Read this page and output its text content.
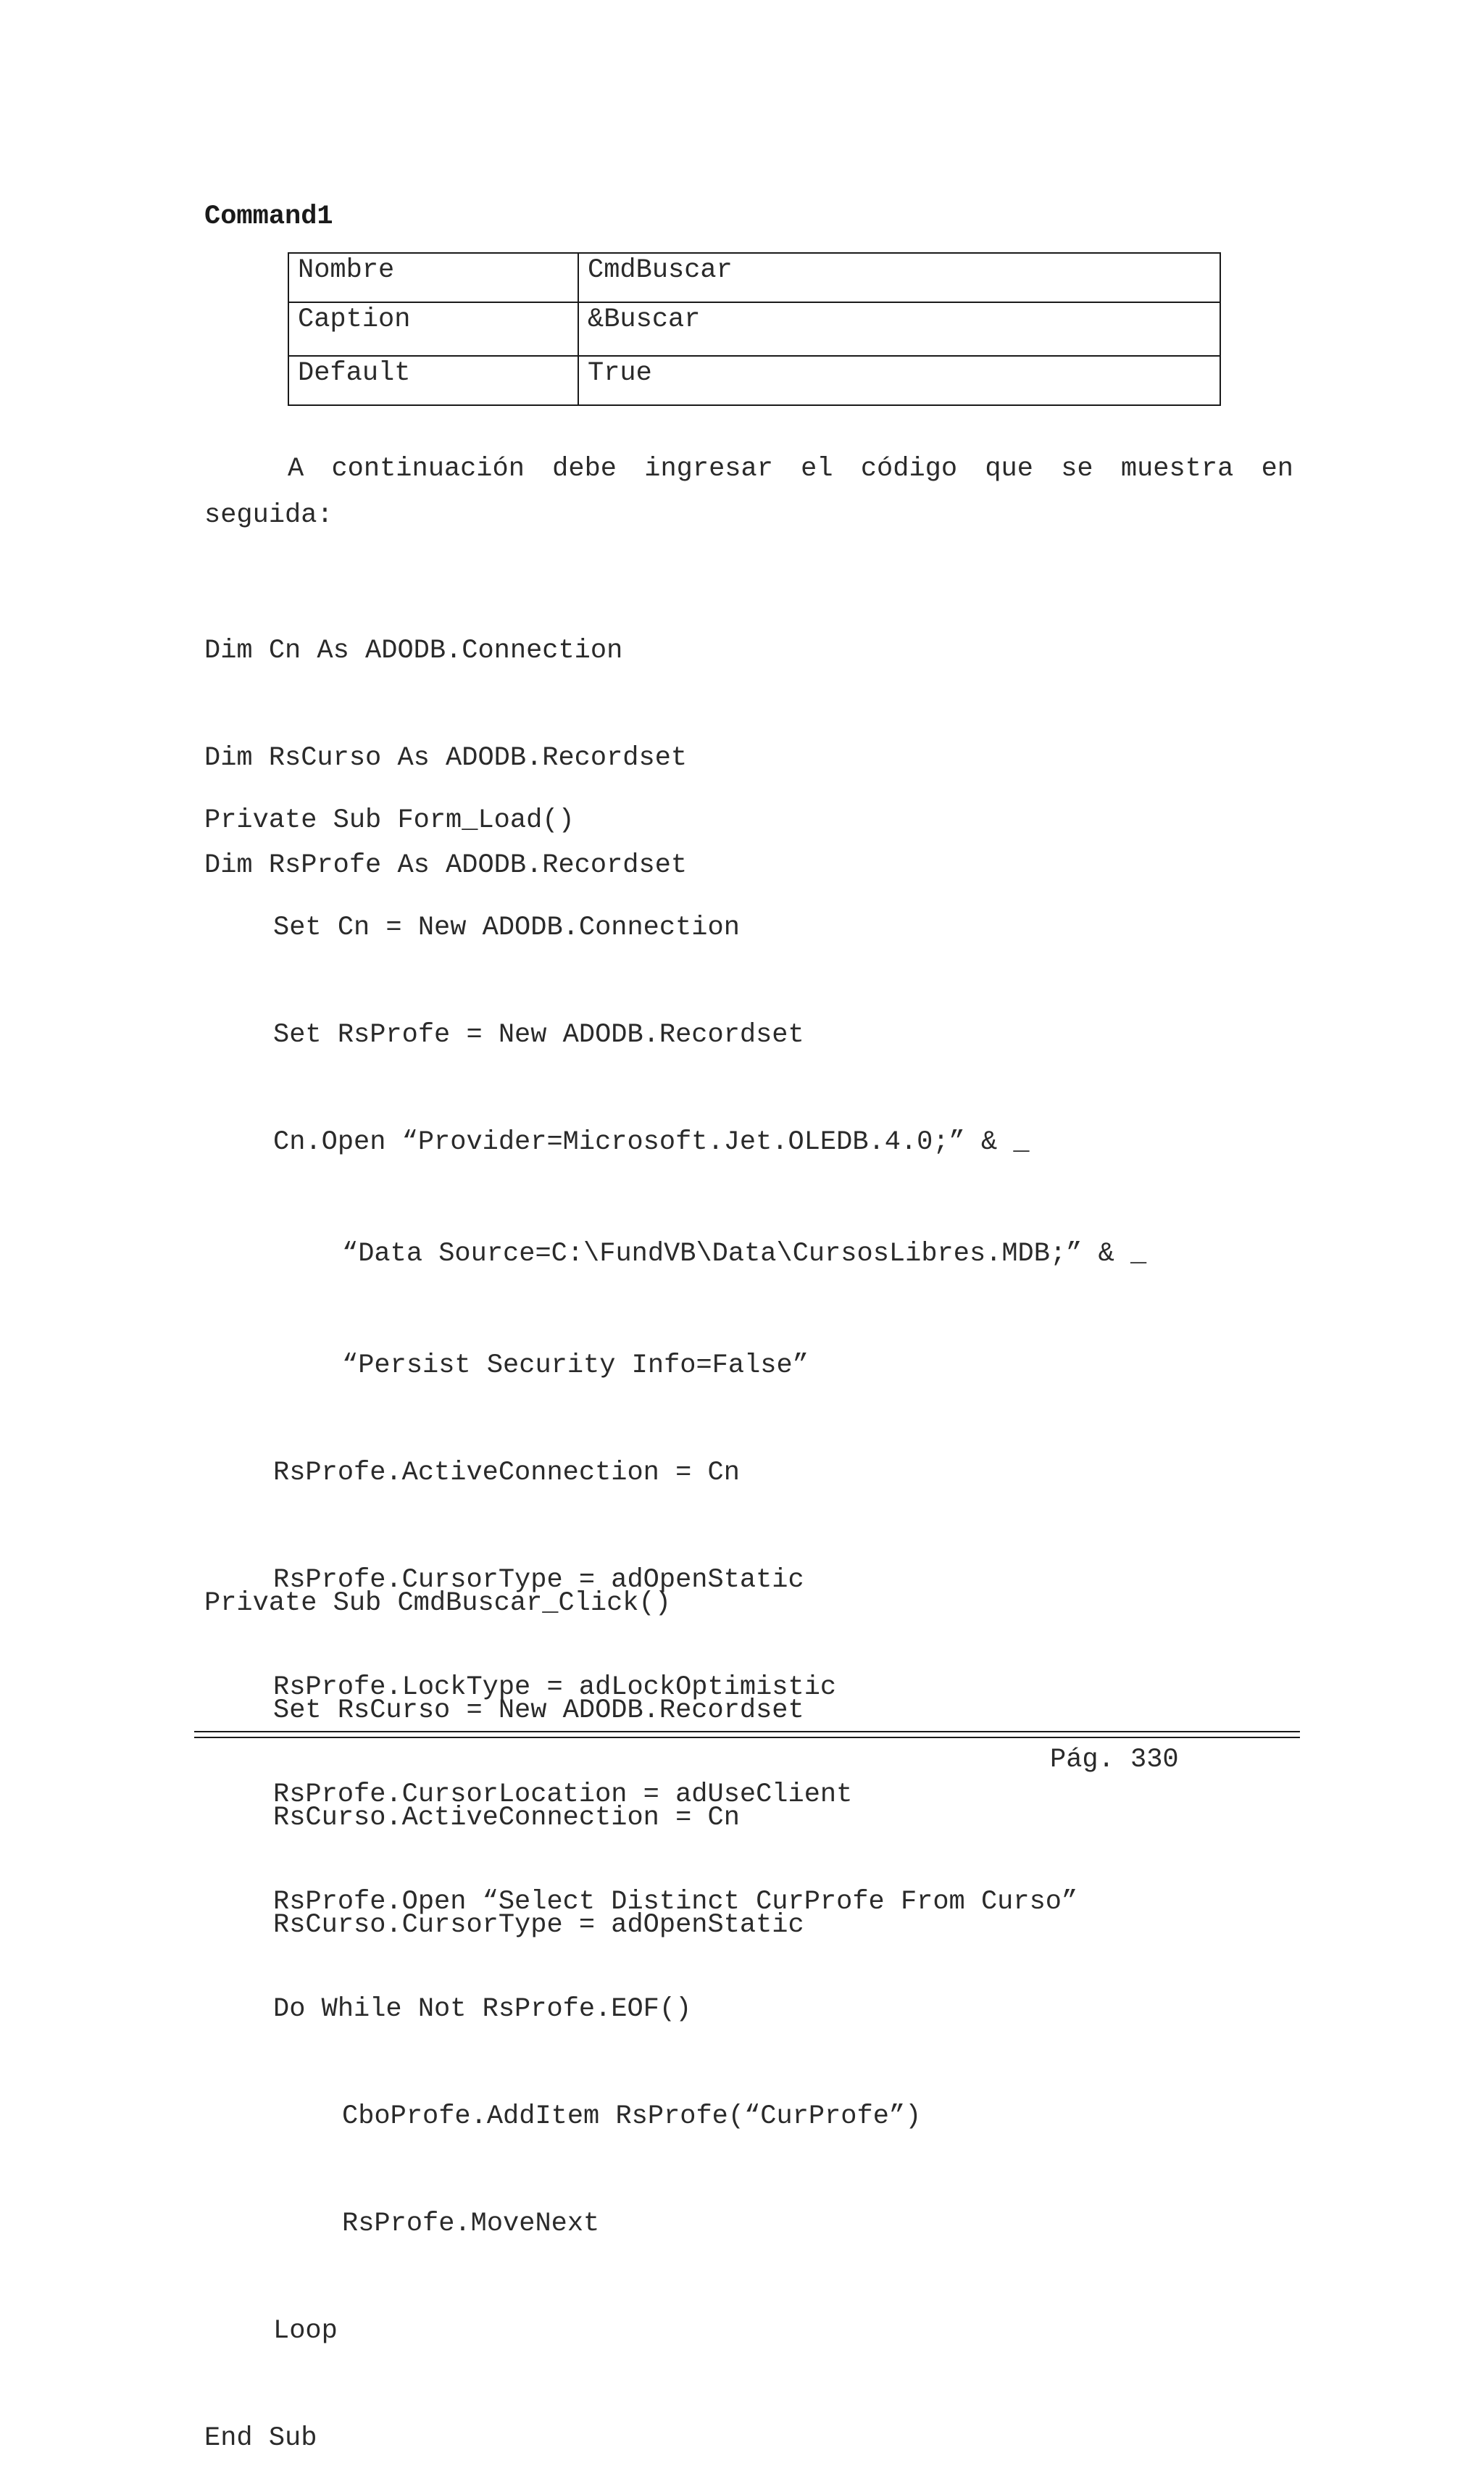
Command1
Nombre	CmdBuscar
Caption	&Buscar
Default	True
A continuación debe ingresar el código que se muestra en
seguida:

Dim Cn As ADODB.Connection

Dim RsCurso As ADODB.Recordset

Dim RsProfe As ADODB.Recordset

Private Sub Form_Load()

Set Cn = New ADODB.Connection

Set RsProfe = New ADODB.Recordset

Cn.Open “Provider=Microsoft.Jet.OLEDB.4.0;” & _

“Data Source=C:\FundVB\Data\CursosLibres.MDB;” & _

“Persist Security Info=False”

RsProfe.ActiveConnection = Cn

RsProfe.CursorType = adOpenStatic

RsProfe.LockType = adLockOptimistic

RsProfe.CursorLocation = adUseClient

RsProfe.Open “Select Distinct CurProfe From Curso”

Do While Not RsProfe.EOF()

CboProfe.AddItem RsProfe(“CurProfe”)

RsProfe.MoveNext

Loop

End Sub

Private Sub CmdBuscar_Click()

Set RsCurso = New ADODB.Recordset

RsCurso.ActiveConnection = Cn

RsCurso.CursorType = adOpenStatic

Pág. 330
